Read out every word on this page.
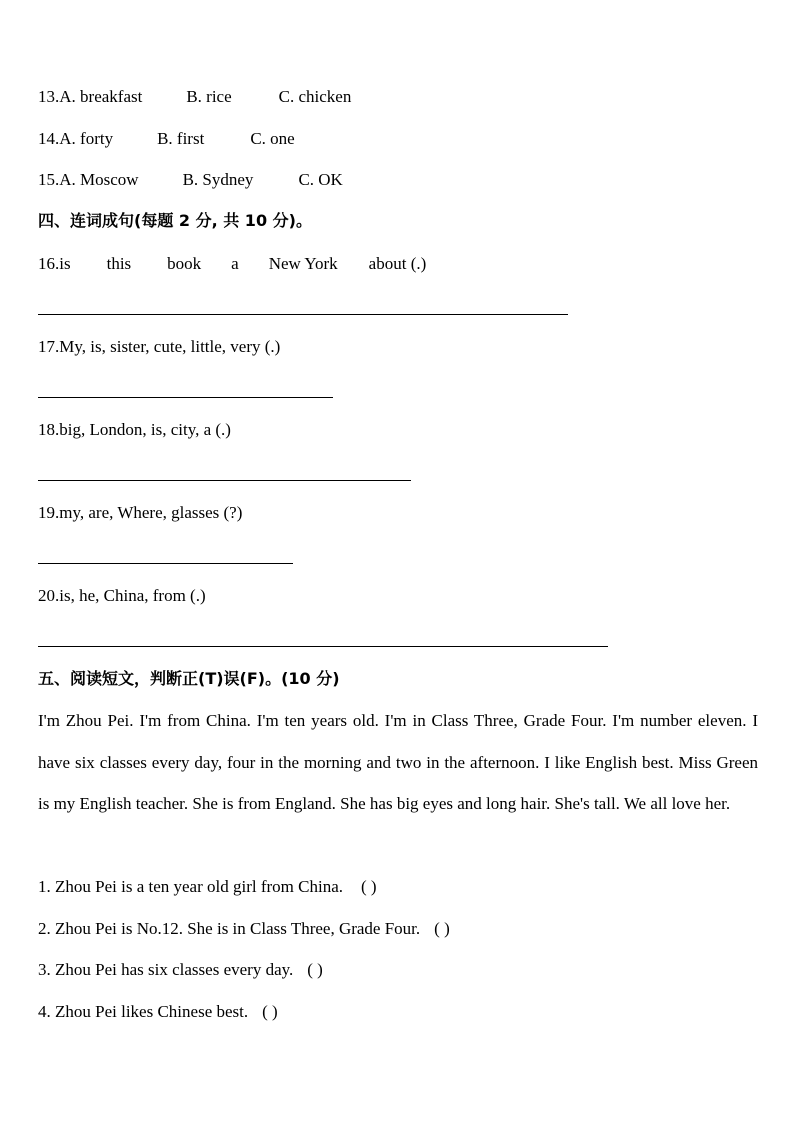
13.A. breakfast	B. rice	C. chicken
14.A. forty	B. first	C. one
15.A. Moscow	B. Sydney	C. OK
四、连词成句(每题 2 分, 共 10 分)。
16.is this book a New York about (.)
17.My, is, sister, cute, little, very (.)
18.big, London, is, city, a (.)
19.my, are, Where, glasses (?)
20.is, he, China, from (.)
五、阅读短文，判断正(T)误(F)。(10 分)
I'm Zhou Pei. I'm from China. I'm ten years old. I'm in Class Three, Grade Four. I'm number eleven. I have six classes every day, four in the morning and two in the afternoon. I like English best. Miss Green is my English teacher. She is from England. She has big eyes and long hair. She's tall. We all love her.
1. Zhou Pei is a ten year old girl from China. ( )
2. Zhou Pei is No.12. She is in Class Three, Grade Four. ( )
3. Zhou Pei has six classes every day. ( )
4. Zhou Pei likes Chinese best. ( )
